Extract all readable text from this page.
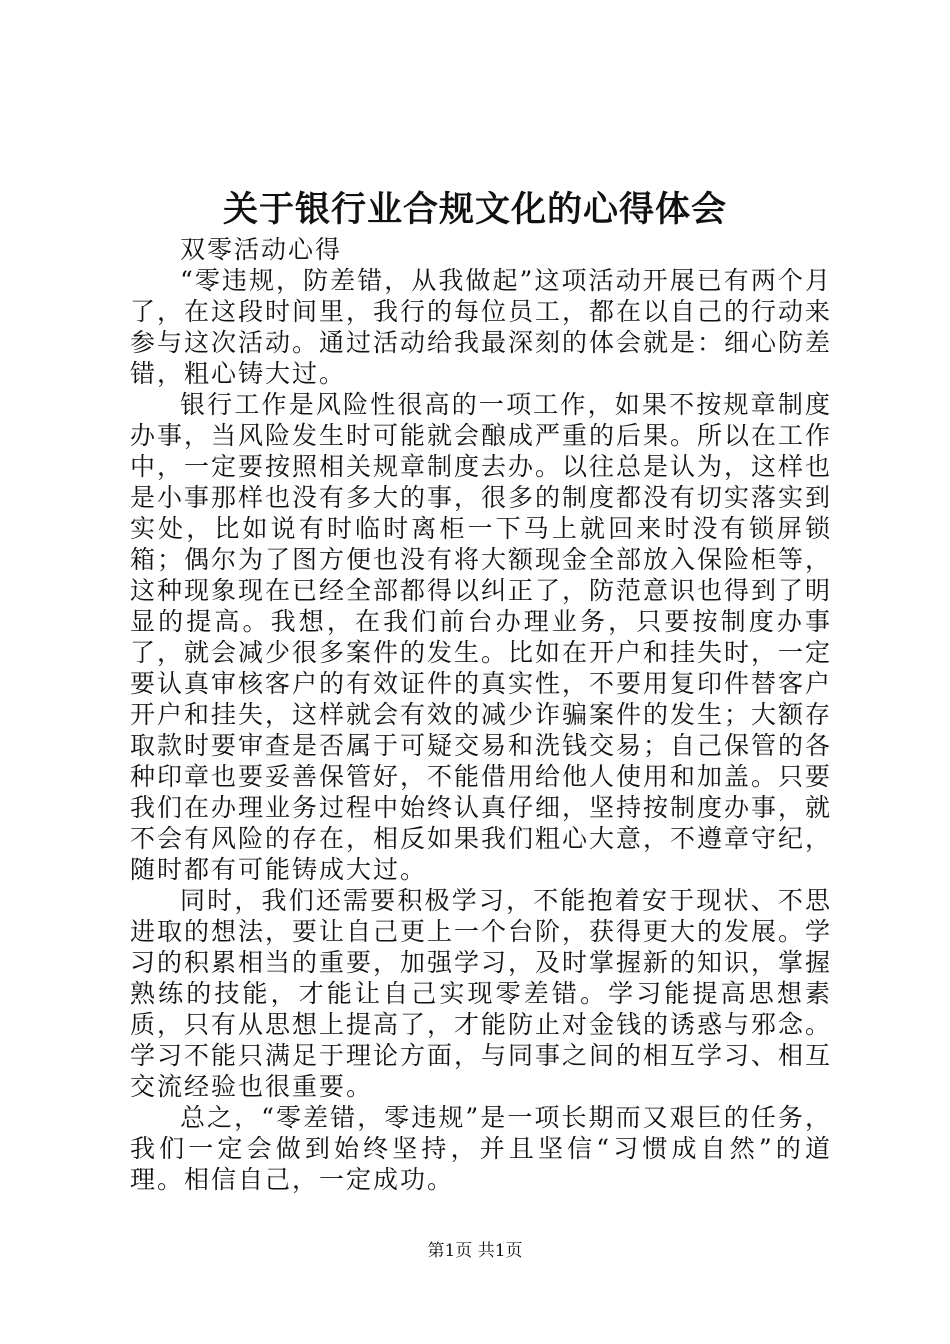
关于银行业合规文化的心得体会

双零活动心得

“零违规，防差错，从我做起”这项活动开展已有两个月了，在这段时间里，我行的每位员工，都在以自己的行动来参与这次活动。通过活动给我最深刻的体会就是：细心防差错，粗心铸大过。

银行工作是风险性很高的一项工作，如果不按规章制度办事，当风险发生时可能就会酿成严重的后果。所以在工作中，一定要按照相关规章制度去办。以往总是认为，这样也是小事那样也没有多大的事，很多的制度都没有切实落实到实处，比如说有时临时离柜一下马上就回来时没有锁屏锁箱；偶尔为了图方便也没有将大额现金全部放入保险柜等，这种现象现在已经全部都得以纠正了，防范意识也得到了明显的提高。我想，在我们前台办理业务，只要按制度办事了，就会减少很多案件的发生。比如在开户和挂失时，一定要认真审核客户的有效证件的真实性，不要用复印件替客户开户和挂失，这样就会有效的减少诈骗案件的发生；大额存取款时要审查是否属于可疑交易和洗钱交易；自己保管的各种印章也要妥善保管好，不能借用给他人使用和加盖。只要我们在办理业务过程中始终认真仔细，坚持按制度办事，就不会有风险的存在，相反如果我们粗心大意，不遵章守纪，随时都有可能铸成大过。

同时，我们还需要积极学习，不能抱着安于现状、不思进取的想法，要让自己更上一个台阶，获得更大的发展。学习的积累相当的重要，加强学习，及时掌握新的知识，掌握熟练的技能，才能让自己实现零差错。学习能提高思想素质，只有从思想上提高了，才能防止对金钱的诱惑与邪念。学习不能只满足于理论方面，与同事之间的相互学习、相互交流经验也很重要。

总之，“零差错，零违规”是一项长期而又艰巨的任务，我们一定会做到始终坚持，并且坚信“习惯成自然”的道理。相信自己，一定成功。

第1页 共1页
